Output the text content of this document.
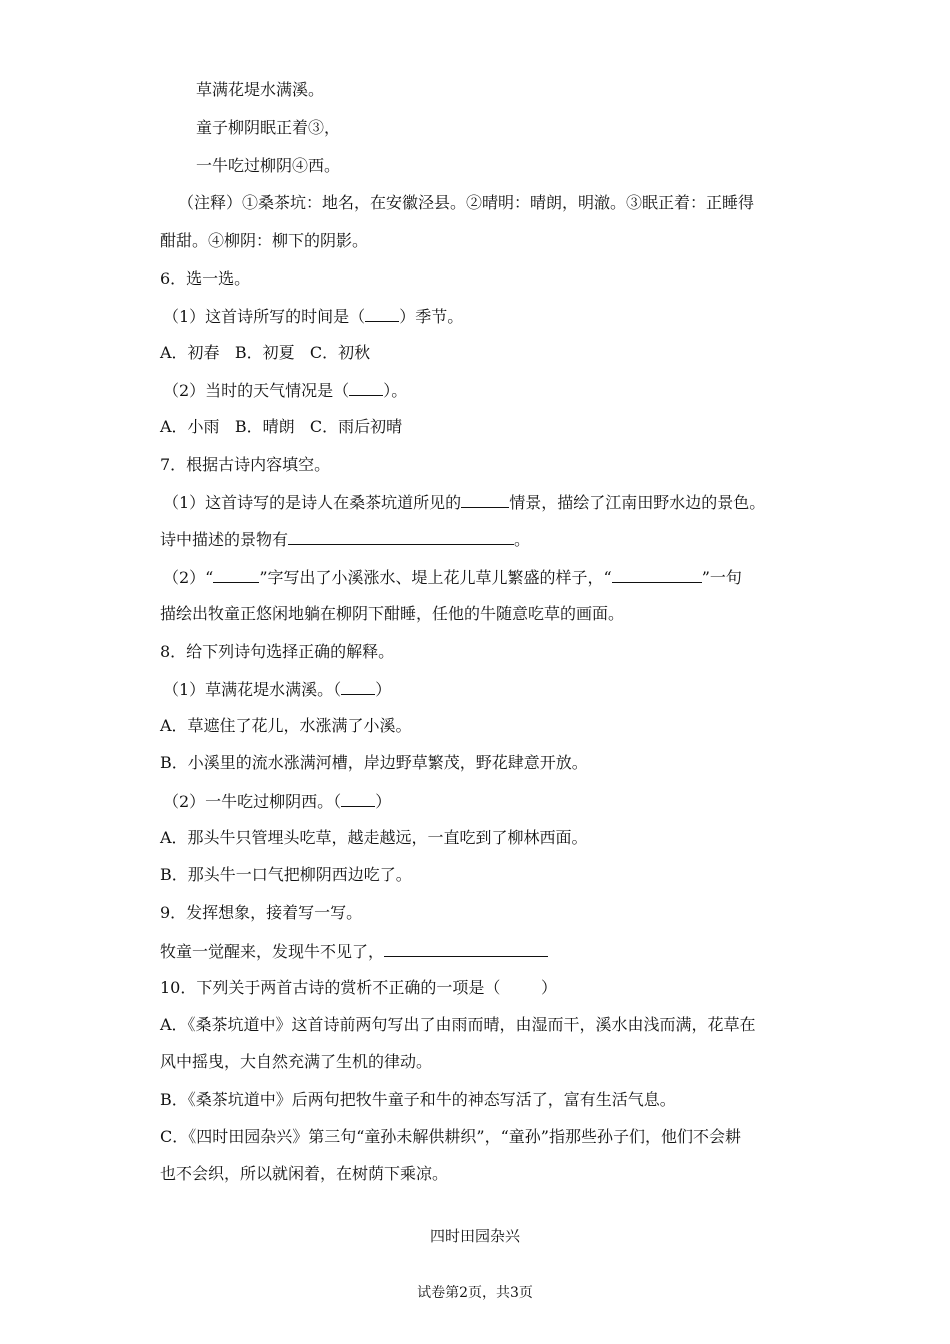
草满花堤水满溪。
童子柳阴眠正着③，
一牛吃过柳阴④西。
（注释）①桑茶坑：地名，在安徽泾县。②晴明：晴朗，明澈。③眠正着：正睡得
酣甜。④柳阴：柳下的阴影。
6．选一选。
（1）这首诗所写的时间是（ ）季节。
A．初春   B．初夏   C．初秋
（2）当时的天气情况是（ ）。
A．小雨   B．晴朗   C．雨后初晴
7．根据古诗内容填空。
（1）这首诗写的是诗人在桑茶坑道所见的	情景，描绘了江南田野水边的景色。
诗中描述的景物有	。
（2）“	”字写出了小溪涨水、堤上花儿草儿繁盛的样子，“	”一句
描绘出牧童正悠闲地躺在柳阴下酣睡，任他的牛随意吃草的画面。
8．给下列诗句选择正确的解释。
（1）草满花堤水满溪。（ ）
A．草遮住了花儿，水涨满了小溪。
B．小溪里的流水涨满河槽，岸边野草繁茂，野花肆意开放。
（2）一牛吃过柳阴西。（ ）
A．那头牛只管埋头吃草，越走越远，一直吃到了柳林西面。
B．那头牛一口气把柳阴西边吃了。
9．发挥想象，接着写一写。
牧童一觉醒来，发现牛不见了，
10．下列关于两首古诗的赏析不正确的一项是（        ）
A．《桑茶坑道中》这首诗前两句写出了由雨而晴，由湿而干，溪水由浅而满，花草在
风中摇曳，大自然充满了生机的律动。
B．《桑茶坑道中》后两句把牧牛童子和牛的神态写活了，富有生活气息。
C．《四时田园杂兴》第三句“童孙未解供耕织”，“童孙”指那些孙子们，他们不会耕
也不会织，所以就闲着，在树荫下乘凉。
四时田园杂兴
试卷第2页，共3页
